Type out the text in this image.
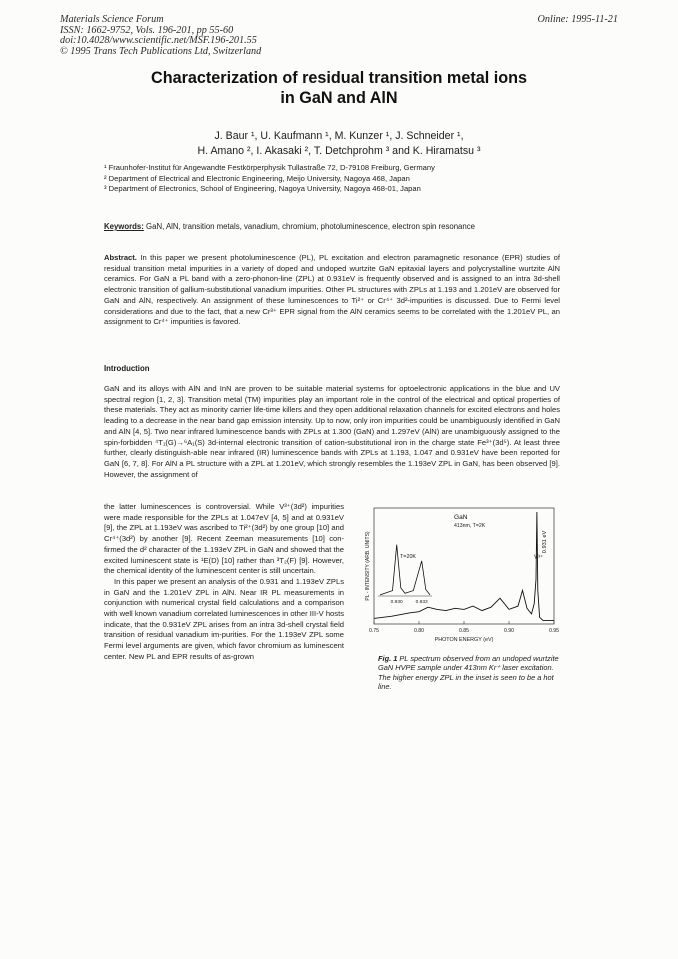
Materials Science Forum
ISSN: 1662-9752, Vols. 196-201, pp 55-60
doi:10.4028/www.scientific.net/MSF.196-201.55
© 1995 Trans Tech Publications Ltd, Switzerland
Online: 1995-11-21
Characterization of residual transition metal ions
in GaN and AlN
J. Baur ¹, U. Kaufmann ¹, M. Kunzer ¹, J. Schneider ¹,
H. Amano ², I. Akasaki ², T. Detchprohm ³ and K. Hiramatsu ³
¹ Fraunhofer-Institut für Angewandte Festkörperphysik Tullastraße 72, D-79108 Freiburg, Germany
² Department of Electrical and Electronic Engineering, Meijo University, Nagoya 468, Japan
³ Department of Electronics, School of Engineering, Nagoya University, Nagoya 468-01, Japan
Keywords: GaN, AlN, transition metals, vanadium, chromium, photoluminescence, electron spin resonance
Abstract. In this paper we present photoluminescence (PL), PL excitation and electron paramagnetic resonance (EPR) studies of residual transition metal impurities in a variety of doped and undoped wurtzite GaN epitaxial layers and polycrystalline wurtzite AlN ceramics. For GaN a PL band with a zero-phonon-line (ZPL) at 0.931eV is frequently observed and is assigned to an intra 3d-shell electronic transition of gallium-substitutional vanadium impurities. Other PL structures with ZPLs at 1.193 and 1.201eV are observed for GaN and AlN, respectively. An assignment of these luminescences to Ti²⁺ or Cr⁴⁺ 3d²-impurities is discussed. Due to Fermi level considerations and due to the fact, that a new Cr³⁺ EPR signal from the AlN ceramics seems to be correlated with the 1.201eV PL, an assignment to Cr⁴⁺ impurities is favored.
Introduction
GaN and its alloys with AlN and InN are proven to be suitable material systems for optoelectronic applications in the blue and UV spectral region [1, 2, 3]. Transition metal (TM) impurities play an important role in the control of the electrical and optical properties of these materials. They act as minority carrier life-time killers and they open additional relaxation channels for excited electrons and holes leading to a decrease in the near band gap emission intensity. Up to now, only iron impurities could be unambiguously identified in GaN and AlN [4, 5]. Two near infrared luminescence bands with ZPLs at 1.300 (GaN) and 1.297eV (AlN) are unambiguously assigned to the spin-forbidden ⁴T₁(G)→⁶A₁(S) 3d-internal electronic transition of cation-substitutional iron in the charge state Fe³⁺(3d⁵). At least three further, clearly distinguish-able near infrared (IR) luminescence bands with ZPLs at 1.193, 1.047 and 0.931eV have been reported for GaN [6, 7, 8]. For AlN a PL structure with a ZPL at 1.201eV, which strongly resembles the 1.193eV ZPL in GaN, has been observed [9]. However, the assignment of

the latter luminescences is controversial. While V³⁺(3d²) impurities were made responsible for the ZPLs at 1.047eV [4, 5] and at 0.931eV [9], the ZPL at 1.193eV was ascribed to Ti²⁺(3d²) by one group [10] and Cr⁴⁺(3d²) by another [9]. Recent Zeeman measurements [10] con-firmed the d² character of the 1.193eV ZPL in GaN and showed that the excited luminescent state is ¹E(D) [10] rather than ³T₂(F) [9]. However, the chemical identity of the luminescent center is still uncertain.

In this paper we present an analysis of the 0.931 and 1.193eV ZPLs in GaN and the 1.201eV ZPL in AlN. Near IR PL measurements in conjunction with numerical crystal field calculations and a comparison with well known vanadium correlated luminescences in other III-V hosts indicate, that the 0.931eV ZPL arises from an intra 3d-shell crystal field transition of residual vanadium im-purities. For the 1.193eV ZPL some Fermi level arguments are given, which favor chromium as luminescent center. New PL and EPR results of as-grown

0.75	0.80	0.85	0.90	0.95
PHOTON ENERGY (eV)
PL - INTENSITY (ARB. UNITS)
GaN
413nm, T=2K
V³⁺
0.931 eV
T=20K
0.930	0.933
Fig. 1 PL spectrum observed from an undoped wurtzite GaN HVPE sample under 413nm Kr⁺ laser excitation. The higher energy ZPL in the inset is seen to be a hot line.
